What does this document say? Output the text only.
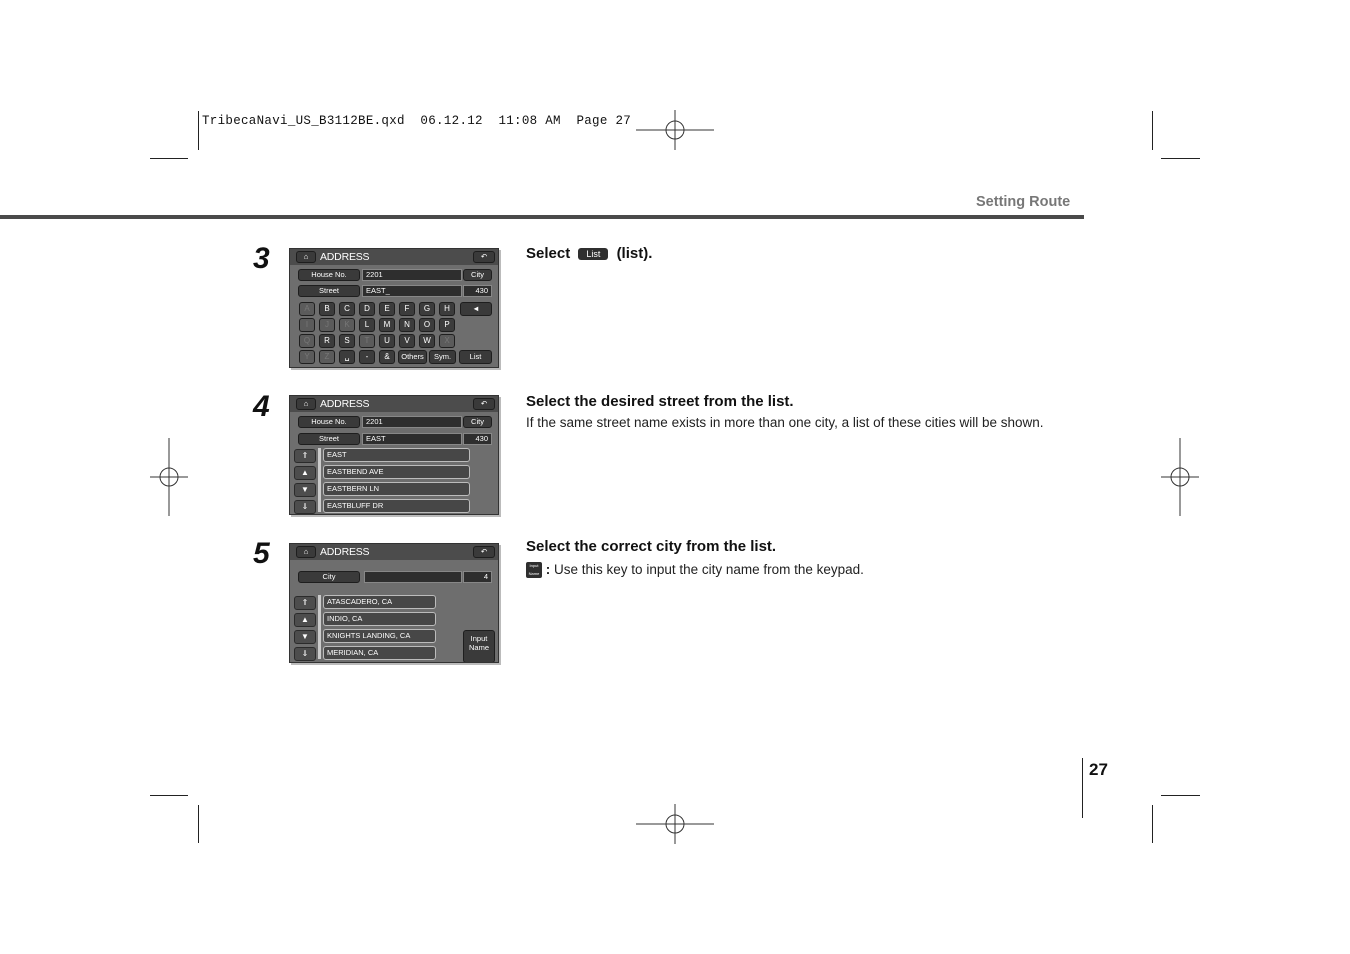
TribecaNavi_US_B3112BE.qxd  06.12.12  11:08 AM  Page 27
Setting Route
3	⌂	ADDRESS	↶
House No.	2201	City
Street	EAST_	430
A	B	C	D	E	F	G	H	◄
I	J	K	L	M	N	O	P
Q	R	S	T	U	V	W	X
Y	Z	␣	-	&	Others	Sym.	List
Select List (list).
4	⌂	ADDRESS	↶
House No.	2201	City
Street	EAST	430
⇑
▲
▼
⇓
EAST
EASTBEND AVE
EASTBERN LN
EASTBLUFF DR
Select the desired street from the list.
If the same street name exists in more than one city, a list of these cities will be shown.
5	⌂	ADDRESS	↶
City	4
⇑
▲
▼
⇓
ATASCADERO, CA
INDIO, CA
KNIGHTS LANDING, CA
MERIDIAN, CA
Input
Name
Select the correct city from the list.
Input Name : Use this key to input the city name from the keypad.
27
